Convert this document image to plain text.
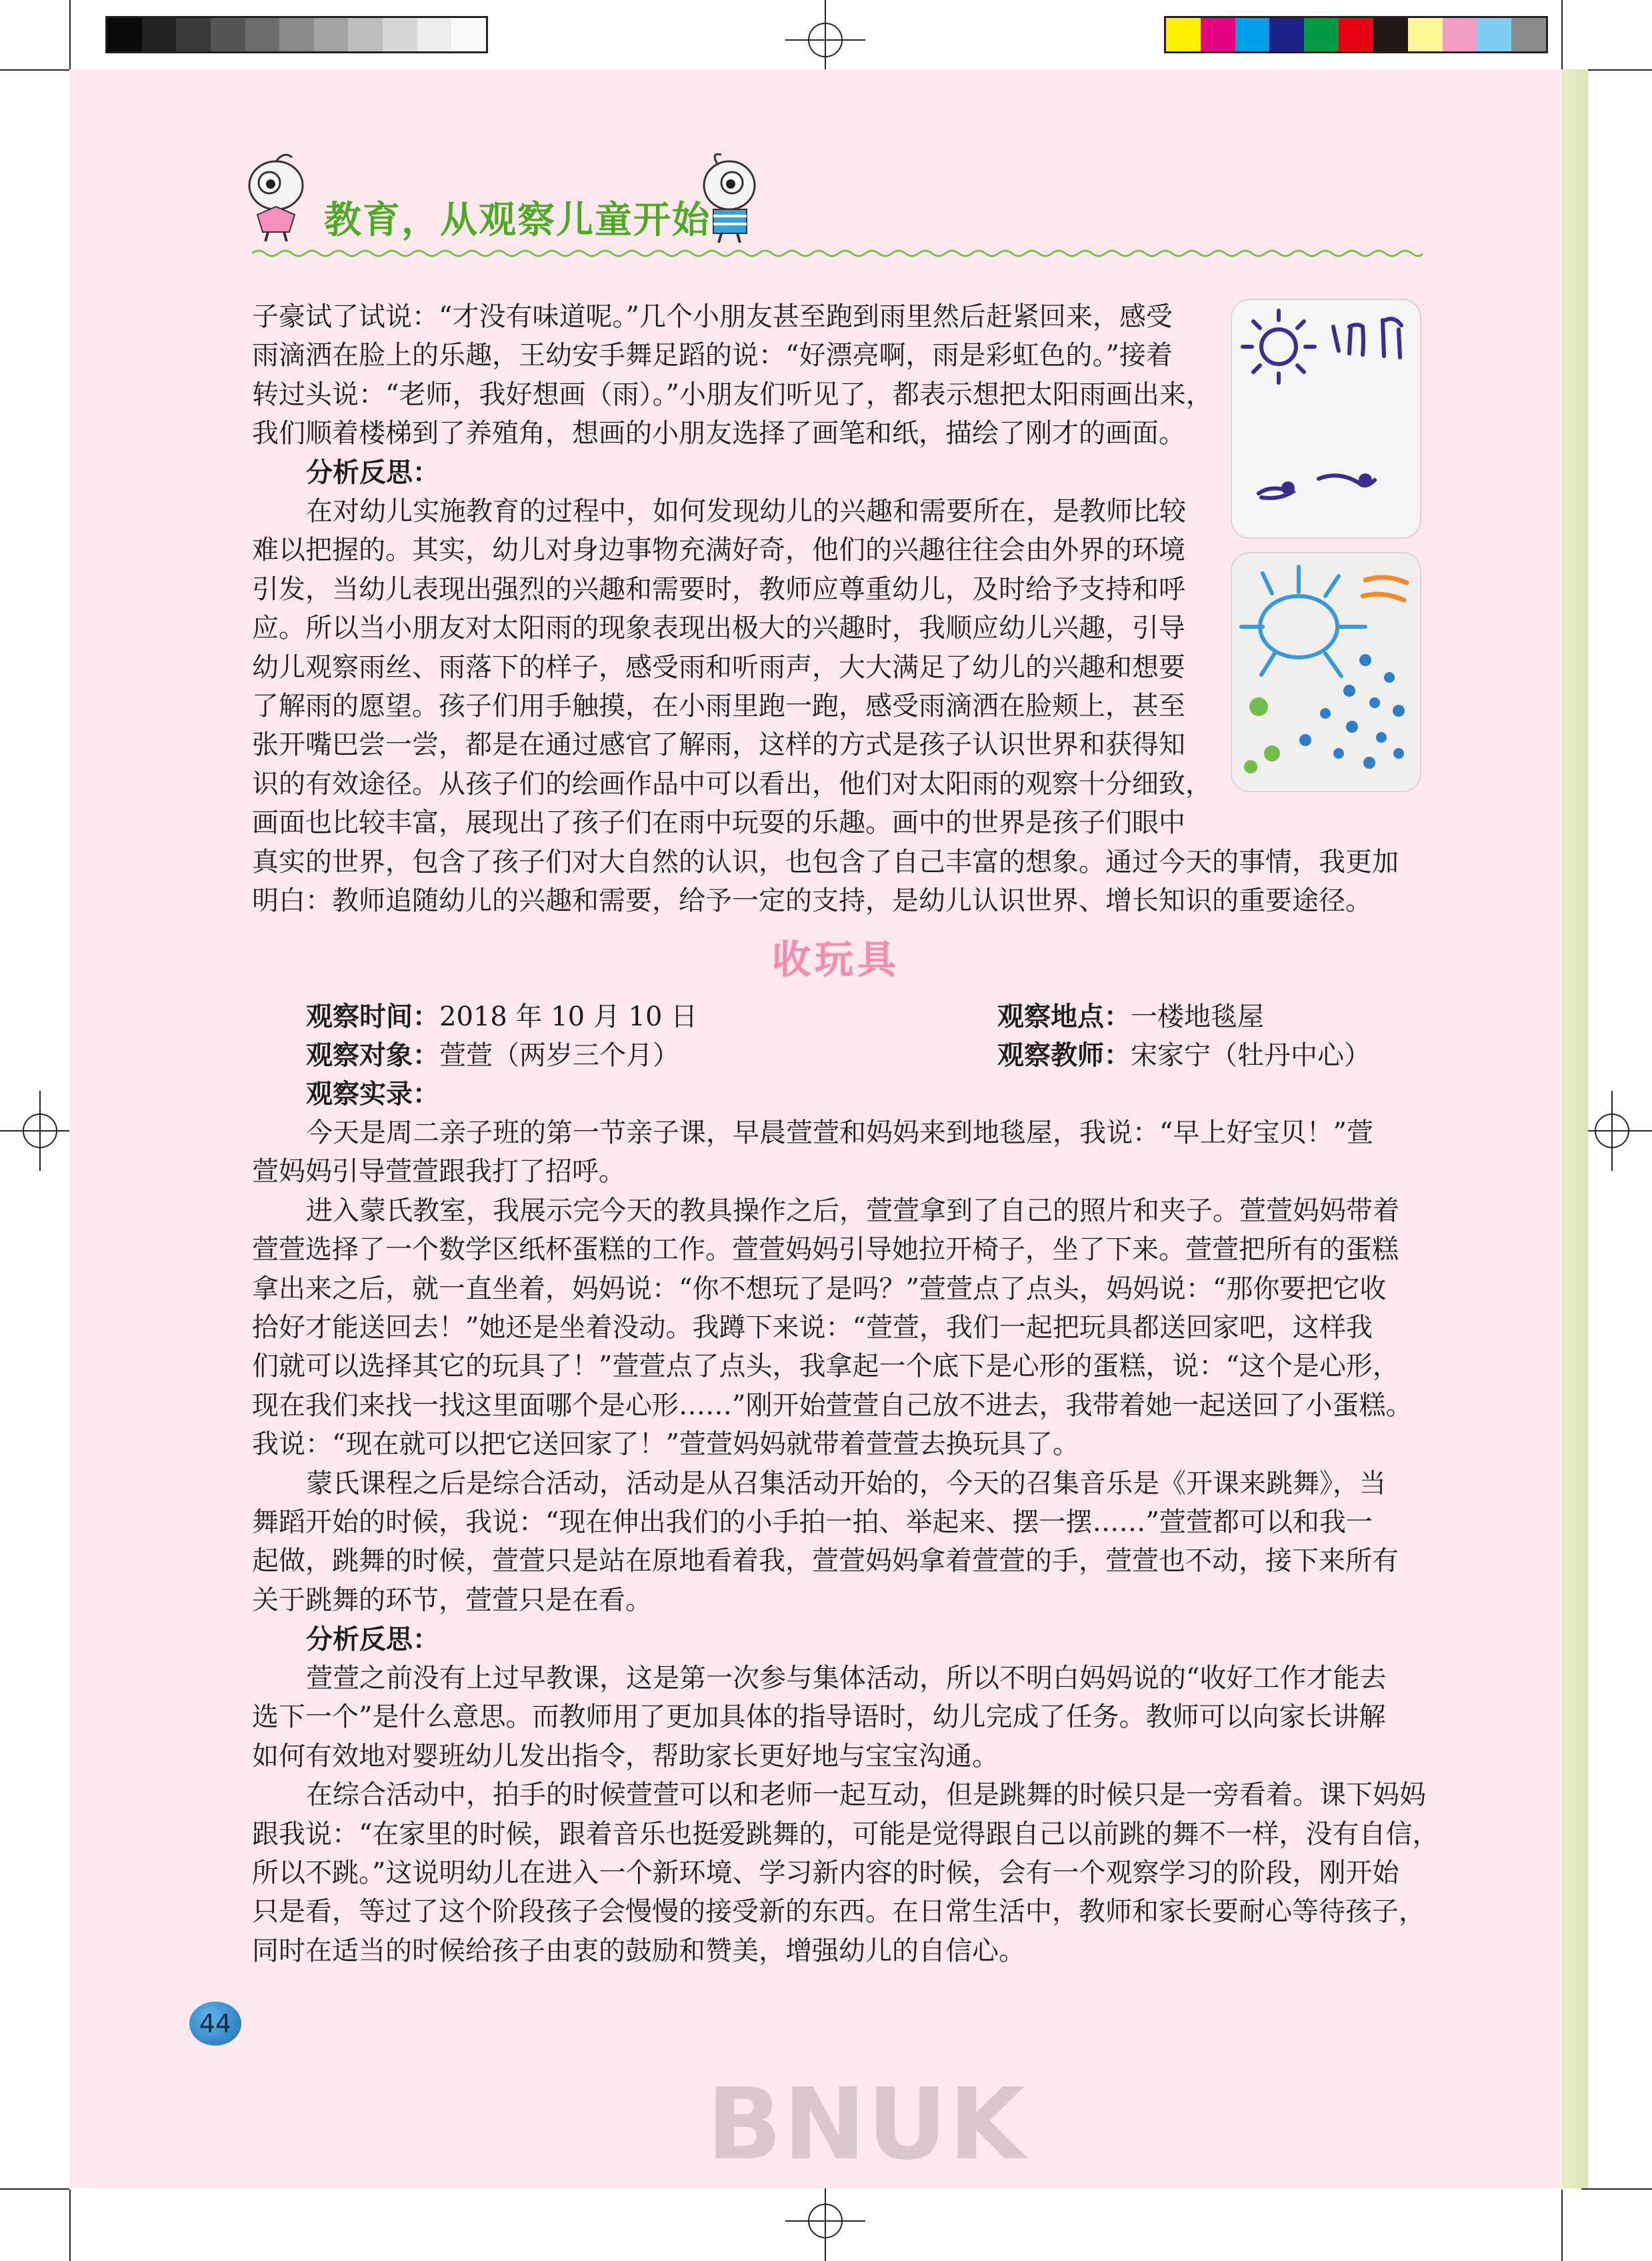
教育，从观察儿童开始
子豪试了试说：“才没有味道呢。”几个小朋友甚至跑到雨里然后赶紧回来，感受
雨滴洒在脸上的乐趣，王幼安手舞足蹈的说：“好漂亮啊，雨是彩虹色的。”接着
转过头说：“老师，我好想画（雨）。”小朋友们听见了，都表示想把太阳雨画出来，
我们顺着楼梯到了养殖角，想画的小朋友选择了画笔和纸，描绘了刚才的画面。
分析反思：
在对幼儿实施教育的过程中，如何发现幼儿的兴趣和需要所在，是教师比较
难以把握的。其实，幼儿对身边事物充满好奇，他们的兴趣往往会由外界的环境
引发，当幼儿表现出强烈的兴趣和需要时，教师应尊重幼儿，及时给予支持和呼
应。所以当小朋友对太阳雨的现象表现出极大的兴趣时，我顺应幼儿兴趣，引导
幼儿观察雨丝、雨落下的样子，感受雨和听雨声，大大满足了幼儿的兴趣和想要
了解雨的愿望。孩子们用手触摸，在小雨里跑一跑，感受雨滴洒在脸颊上，甚至
张开嘴巴尝一尝，都是在通过感官了解雨，这样的方式是孩子认识世界和获得知
识的有效途径。从孩子们的绘画作品中可以看出，他们对太阳雨的观察十分细致，
画面也比较丰富，展现出了孩子们在雨中玩耍的乐趣。画中的世界是孩子们眼中
真实的世界，包含了孩子们对大自然的认识，也包含了自己丰富的想象。通过今天的事情，我更加
明白：教师追随幼儿的兴趣和需要，给予一定的支持，是幼儿认识世界、增长知识的重要途径。
收玩具
观察时间：2018 年 10 月 10 日	观察地点：一楼地毯屋
观察对象：萱萱（两岁三个月）	观察教师：宋家宁（牡丹中心）
观察实录：
今天是周二亲子班的第一节亲子课，早晨萱萱和妈妈来到地毯屋，我说：“早上好宝贝！”萱
萱妈妈引导萱萱跟我打了招呼。
进入蒙氏教室，我展示完今天的教具操作之后，萱萱拿到了自己的照片和夹子。萱萱妈妈带着
萱萱选择了一个数学区纸杯蛋糕的工作。萱萱妈妈引导她拉开椅子，坐了下来。萱萱把所有的蛋糕
拿出来之后，就一直坐着，妈妈说：“你不想玩了是吗？”萱萱点了点头，妈妈说：“那你要把它收
拾好才能送回去！”她还是坐着没动。我蹲下来说：“萱萱，我们一起把玩具都送回家吧，这样我
们就可以选择其它的玩具了！”萱萱点了点头，我拿起一个底下是心形的蛋糕，说：“这个是心形，
现在我们来找一找这里面哪个是心形……”刚开始萱萱自己放不进去，我带着她一起送回了小蛋糕。
我说：“现在就可以把它送回家了！”萱萱妈妈就带着萱萱去换玩具了。
蒙氏课程之后是综合活动，活动是从召集活动开始的，今天的召集音乐是《开课来跳舞》，当
舞蹈开始的时候，我说：“现在伸出我们的小手拍一拍、举起来、摆一摆……”萱萱都可以和我一
起做，跳舞的时候，萱萱只是站在原地看着我，萱萱妈妈拿着萱萱的手，萱萱也不动，接下来所有
关于跳舞的环节，萱萱只是在看。
分析反思：
萱萱之前没有上过早教课，这是第一次参与集体活动，所以不明白妈妈说的“收好工作才能去
选下一个”是什么意思。而教师用了更加具体的指导语时，幼儿完成了任务。教师可以向家长讲解
如何有效地对婴班幼儿发出指令，帮助家长更好地与宝宝沟通。
在综合活动中，拍手的时候萱萱可以和老师一起互动，但是跳舞的时候只是一旁看着。课下妈妈
跟我说：“在家里的时候，跟着音乐也挺爱跳舞的，可能是觉得跟自己以前跳的舞不一样，没有自信，
所以不跳。”这说明幼儿在进入一个新环境、学习新内容的时候，会有一个观察学习的阶段，刚开始
只是看，等过了这个阶段孩子会慢慢的接受新的东西。在日常生活中，教师和家长要耐心等待孩子，
同时在适当的时候给孩子由衷的鼓励和赞美，增强幼儿的自信心。
44
BNUK
